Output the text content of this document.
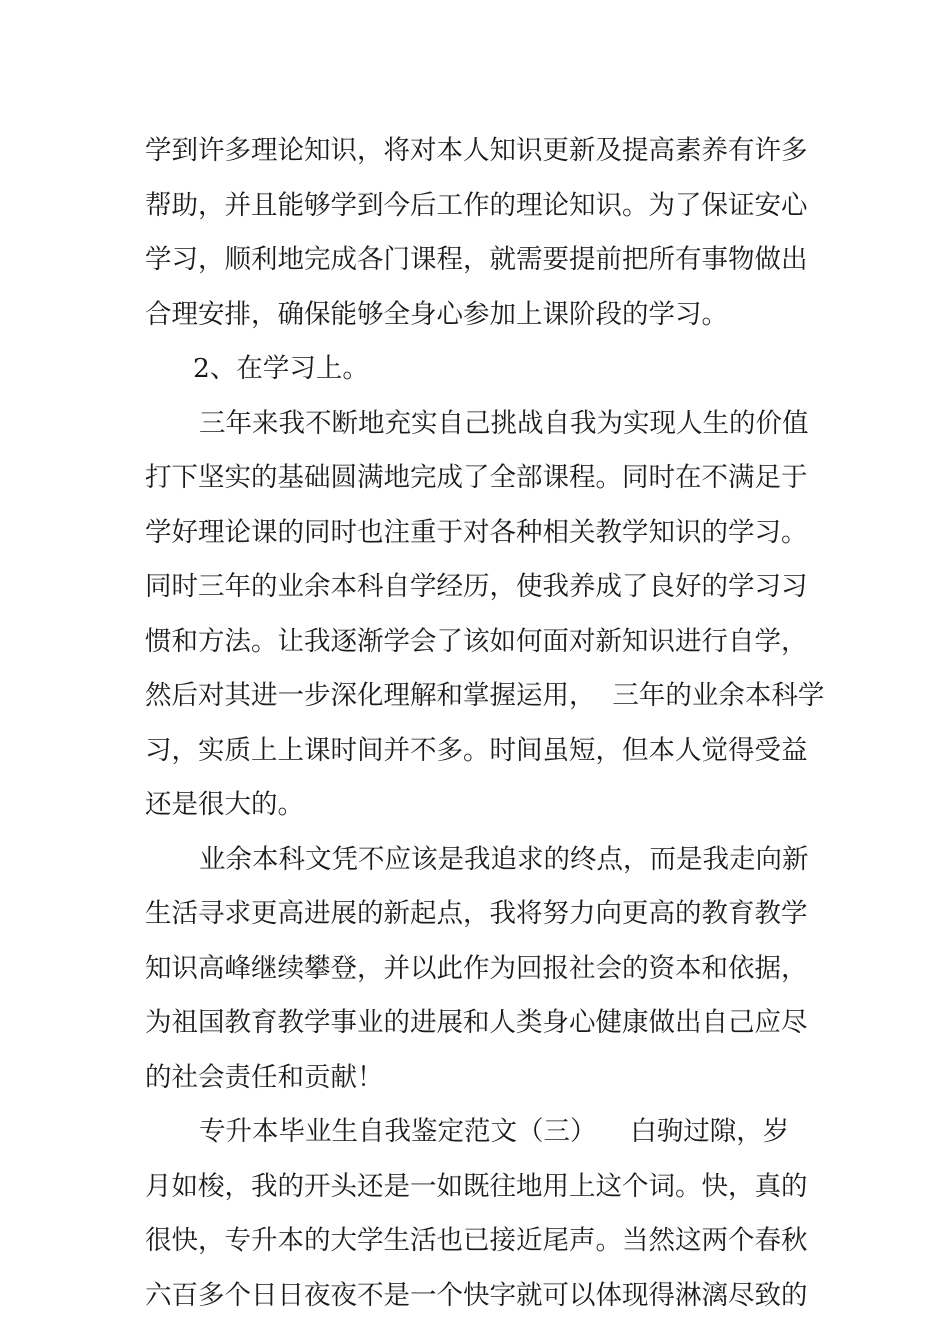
学到许多理论知识，将对本人知识更新及提高素养有许多
帮助，并且能够学到今后工作的理论知识。为了保证安心
学习，顺利地完成各门课程，就需要提前把所有事物做出
合理安排，确保能够全身心参加上课阶段的学习。
2、在学习上。
三年来我不断地充实自己挑战自我为实现人生的价值
打下坚实的基础圆满地完成了全部课程。同时在不满足于
学好理论课的同时也注重于对各种相关教学知识的学习。
同时三年的业余本科自学经历，使我养成了良好的学习习
惯和方法。让我逐渐学会了该如何面对新知识进行自学，
然后对其进一步深化理解和掌握运用，  三年的业余本科学
习，实质上上课时间并不多。时间虽短，但本人觉得受益
还是很大的。
业余本科文凭不应该是我追求的终点，而是我走向新
生活寻求更高进展的新起点，我将努力向更高的教育教学
知识高峰继续攀登，并以此作为回报社会的资本和依据，
为祖国教育教学事业的进展和人类身心健康做出自己应尽
的社会责任和贡献！
专升本毕业生自我鉴定范文（三）    白驹过隙，岁
月如梭，我的开头还是一如既往地用上这个词。快，真的
很快，专升本的大学生活也已接近尾声。当然这两个春秋
六百多个日日夜夜不是一个快字就可以体现得淋漓尽致的
